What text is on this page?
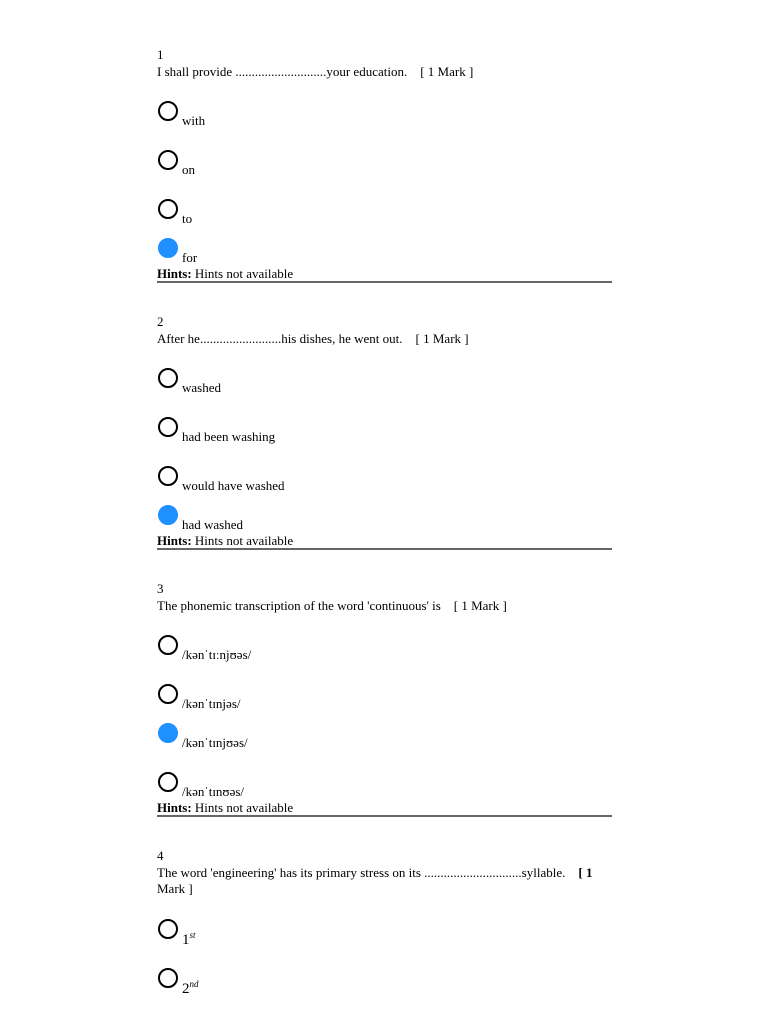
1
I shall provide ............................your education. [ 1 Mark ]
with
on
to
for
Hints: Hints not available
2
After he.........................his dishes, he went out. [ 1 Mark ]
washed
had been washing
would have washed
had washed
Hints: Hints not available
3
The phonemic transcription of the word 'continuous' is [ 1 Mark ]
/kənˈtɪːnjʊəs/
/kənˈtɪnjəs/
/kənˈtɪnjʊəs/
/kənˈtɪnʊəs/
Hints: Hints not available
4
The word 'engineering' has its primary stress on its ..............................syllable. [ 1 Mark ]
1st
2nd
